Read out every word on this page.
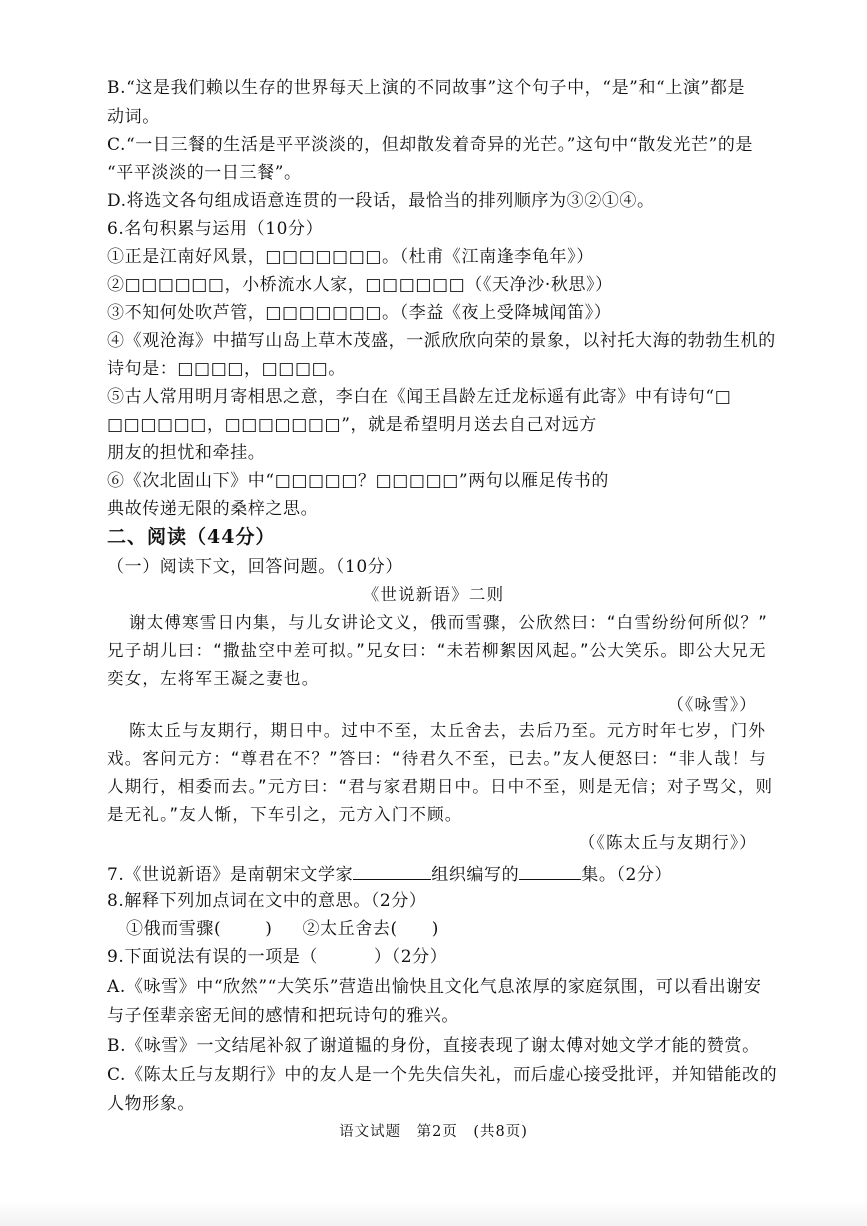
B.“这是我们赖以生存的世界每天上演的不同故事”这个句子中，“是”和“上演”都是
动词。
C.“一日三餐的生活是平平淡淡的，但却散发着奇异的光芒。”这句中“散发光芒”的是
“平平淡淡的一日三餐”。
D.将选文各句组成语意连贯的一段话，最恰当的排列顺序为③②①④。
6.名句积累与运用（10分）
①正是江南好风景，□□□□□□□。（杜甫《江南逢李龟年》）
②□□□□□□，小桥流水人家，□□□□□□（《天净沙·秋思》）
③不知何处吹芦管，□□□□□□□。（李益《夜上受降城闻笛》）
④《观沧海》中描写山岛上草木茂盛，一派欣欣向荣的景象，以衬托大海的勃勃生机的
诗句是：□□□□，□□□□。
⑤古人常用明月寄相思之意，李白在《闻王昌龄左迁龙标遥有此寄》中有诗句“□
□□□□□□，□□□□□□□”，就是希望明月送去自己对远方
朋友的担忧和牵挂。
⑥《次北固山下》中“□□□□□？□□□□□”两句以雁足传书的
典故传递无限的桑梓之思。
二、阅读（44分）
（一）阅读下文，回答问题。（10分）
《世说新语》二则
谢太傅寒雪日内集，与儿女讲论文义，俄而雪骤，公欣然曰：“白雪纷纷何所似？”
兄子胡儿曰：“撒盐空中差可拟。”兄女曰：“未若柳絮因风起。”公大笑乐。即公大兄无
奕女，左将军王凝之妻也。
（《咏雪》）
陈太丘与友期行，期日中。过中不至，太丘舍去，去后乃至。元方时年七岁，门外
戏。客问元方：“尊君在不？”答曰：“待君久不至，已去。”友人便怒曰：“非人哉！与
人期行，相委而去。”元方曰：“君与家君期日中。日中不至，则是无信；对子骂父，则
是无礼。”友人惭，下车引之，元方入门不顾。
（《陈太丘与友期行》）
7.《世说新语》是南朝宋文学家	组织编写的	集。（2分）
8.解释下列加点词在文中的意思。（2分）
①俄而雪骤(	) ②太丘舍去( )
9.下面说法有误的一项是（	）（2分）
A.《咏雪》中“欣然”“大笑乐”营造出愉快且文化气息浓厚的家庭氛围，可以看出谢安
与子侄辈亲密无间的感情和把玩诗句的雅兴。
B.《咏雪》一文结尾补叙了谢道韫的身份，直接表现了谢太傅对她文学才能的赞赏。
C.《陈太丘与友期行》中的友人是一个先失信失礼，而后虚心接受批评，并知错能改的
人物形象。
语文试题　第2页　(共8页)
